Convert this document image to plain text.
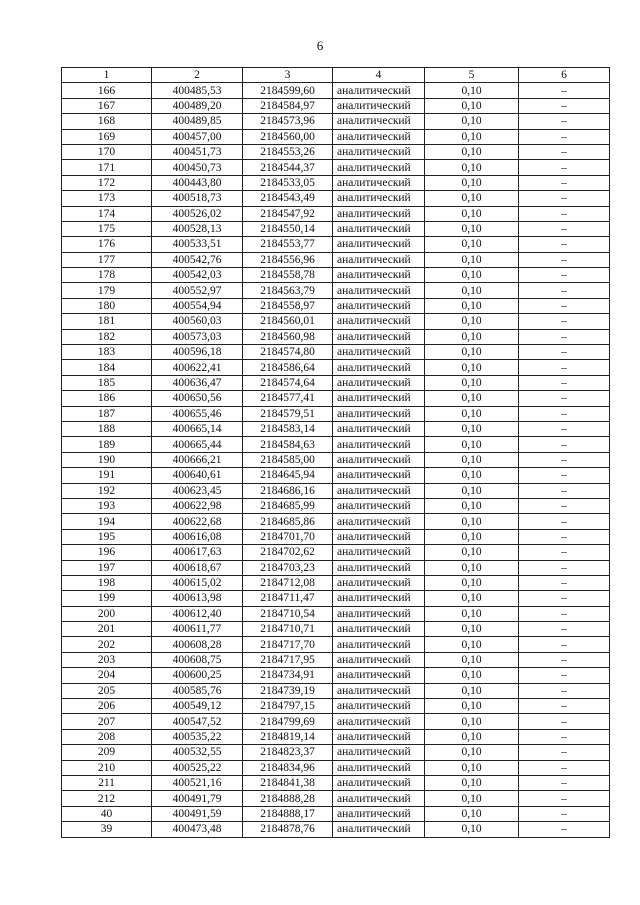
6
1	2	3	4	5	6
166	400485,53	2184599,60	аналитический	0,10	–
167	400489,20	2184584,97	аналитический	0,10	–
168	400489,85	2184573,96	аналитический	0,10	–
169	400457,00	2184560,00	аналитический	0,10	–
170	400451,73	2184553,26	аналитический	0,10	–
171	400450,73	2184544,37	аналитический	0,10	–
172	400443,80	2184533,05	аналитический	0,10	–
173	400518,73	2184543,49	аналитический	0,10	–
174	400526,02	2184547,92	аналитический	0,10	–
175	400528,13	2184550,14	аналитический	0,10	–
176	400533,51	2184553,77	аналитический	0,10	–
177	400542,76	2184556,96	аналитический	0,10	–
178	400542,03	2184558,78	аналитический	0,10	–
179	400552,97	2184563,79	аналитический	0,10	–
180	400554,94	2184558,97	аналитический	0,10	–
181	400560,03	2184560,01	аналитический	0,10	–
182	400573,03	2184560,98	аналитический	0,10	–
183	400596,18	2184574,80	аналитический	0,10	–
184	400622,41	2184586,64	аналитический	0,10	–
185	400636,47	2184574,64	аналитический	0,10	–
186	400650,56	2184577,41	аналитический	0,10	–
187	400655,46	2184579,51	аналитический	0,10	–
188	400665,14	2184583,14	аналитический	0,10	–
189	400665,44	2184584,63	аналитический	0,10	–
190	400666,21	2184585,00	аналитический	0,10	–
191	400640,61	2184645,94	аналитический	0,10	–
192	400623,45	2184686,16	аналитический	0,10	–
193	400622,98	2184685,99	аналитический	0,10	–
194	400622,68	2184685,86	аналитический	0,10	–
195	400616,08	2184701,70	аналитический	0,10	–
196	400617,63	2184702,62	аналитический	0,10	–
197	400618,67	2184703,23	аналитический	0,10	–
198	400615,02	2184712,08	аналитический	0,10	–
199	400613,98	2184711,47	аналитический	0,10	–
200	400612,40	2184710,54	аналитический	0,10	–
201	400611,77	2184710,71	аналитический	0,10	–
202	400608,28	2184717,70	аналитический	0,10	–
203	400608,75	2184717,95	аналитический	0,10	–
204	400600,25	2184734,91	аналитический	0,10	–
205	400585,76	2184739,19	аналитический	0,10	–
206	400549,12	2184797,15	аналитический	0,10	–
207	400547,52	2184799,69	аналитический	0,10	–
208	400535,22	2184819,14	аналитический	0,10	–
209	400532,55	2184823,37	аналитический	0,10	–
210	400525,22	2184834,96	аналитический	0,10	–
211	400521,16	2184841,38	аналитический	0,10	–
212	400491,79	2184888,28	аналитический	0,10	–
40	400491,59	2184888,17	аналитический	0,10	–
39	400473,48	2184878,76	аналитический	0,10	–
